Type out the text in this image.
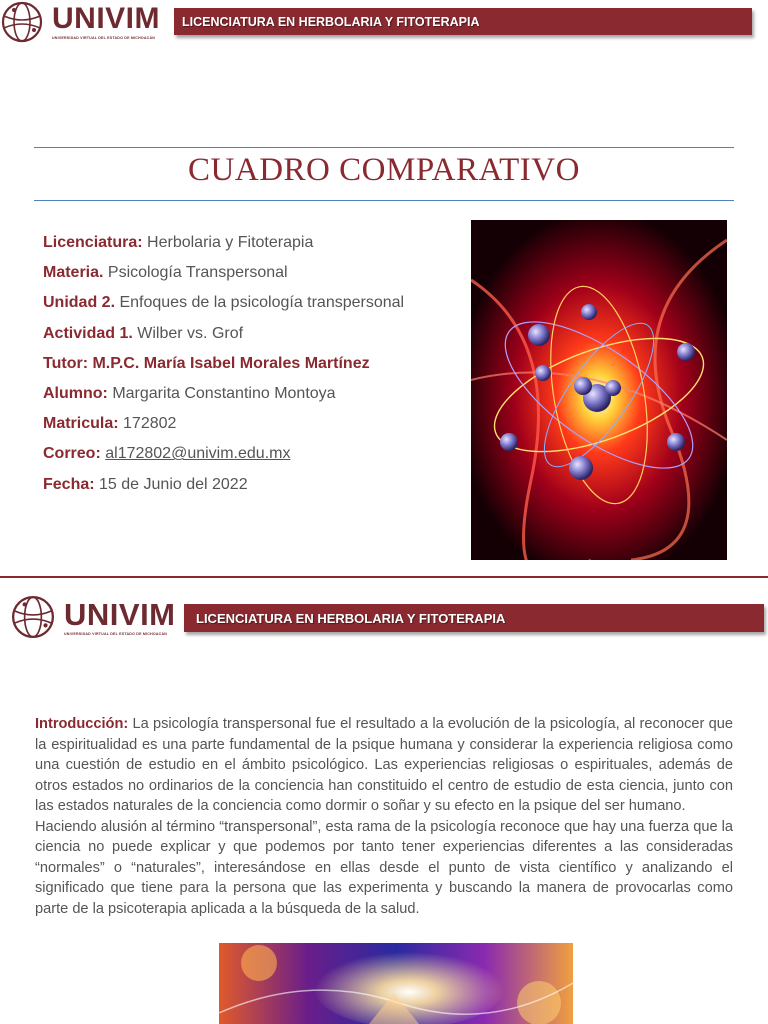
UNIVIM
UNIVERSIDAD VIRTUAL DEL ESTADO DE MICHOACÁN
LICENCIATURA EN HERBOLARIA Y FITOTERAPIA
CUADRO COMPARATIVO
Licenciatura: Herbolaria y Fitoterapia
Materia. Psicología Transpersonal
Unidad 2. Enfoques de la psicología transpersonal
Actividad 1. Wilber vs. Grof
Tutor: M.P.C. María Isabel Morales Martínez
Alumno: Margarita Constantino Montoya
Matricula: 172802
Correo: al172802@univim.edu.mx
Fecha: 15 de Junio del 2022
UNIVIM
UNIVERSIDAD VIRTUAL DEL ESTADO DE MICHOACÁN
LICENCIATURA EN HERBOLARIA Y FITOTERAPIA

Introducción: La psicología transpersonal fue el resultado a la evolución de la psicología, al reconocer que la espiritualidad es una parte fundamental de la psique humana y considerar la experiencia religiosa como una cuestión de estudio en el ámbito psicológico. Las experiencias religiosas o espirituales, además de otros estados no ordinarios de la conciencia han constituido el centro de estudio de esta ciencia, junto con las estados naturales de la conciencia como dormir o soñar y su efecto en la psique del ser humano.

Haciendo alusión al término “transpersonal”, esta rama de la psicología reconoce que hay una fuerza que la ciencia no puede explicar y que podemos por tanto tener experiencias diferentes a las consideradas “normales” o “naturales”, interesándose en ellas desde el punto de vista científico y analizando el significado que tiene para la persona que las experimenta y buscando la manera de provocarlas como parte de la psicoterapia aplicada a la búsqueda de la salud.
